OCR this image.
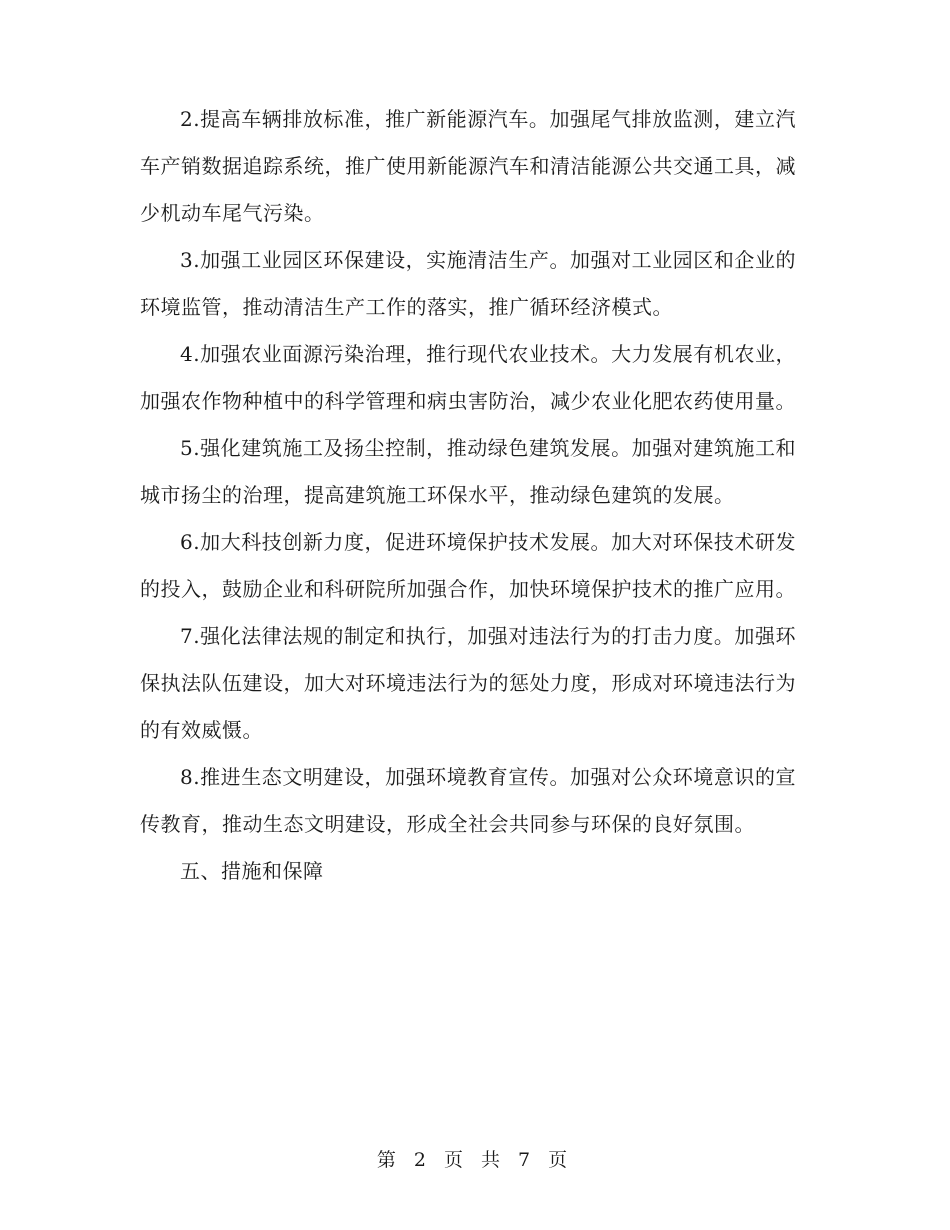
2.提高车辆排放标准，推广新能源汽车。加强尾气排放监测，建立汽车产销数据追踪系统，推广使用新能源汽车和清洁能源公共交通工具，减少机动车尾气污染。

3.加强工业园区环保建设，实施清洁生产。加强对工业园区和企业的环境监管，推动清洁生产工作的落实，推广循环经济模式。

4.加强农业面源污染治理，推行现代农业技术。大力发展有机农业，加强农作物种植中的科学管理和病虫害防治，减少农业化肥农药使用量。

5.强化建筑施工及扬尘控制，推动绿色建筑发展。加强对建筑施工和城市扬尘的治理，提高建筑施工环保水平，推动绿色建筑的发展。

6.加大科技创新力度，促进环境保护技术发展。加大对环保技术研发的投入，鼓励企业和科研院所加强合作，加快环境保护技术的推广应用。

7.强化法律法规的制定和执行，加强对违法行为的打击力度。加强环保执法队伍建设，加大对环境违法行为的惩处力度，形成对环境违法行为的有效威慑。

8.推进生态文明建设，加强环境教育宣传。加强对公众环境意识的宣传教育，推动生态文明建设，形成全社会共同参与环保的良好氛围。

五、措施和保障

第 2 页 共 7 页
